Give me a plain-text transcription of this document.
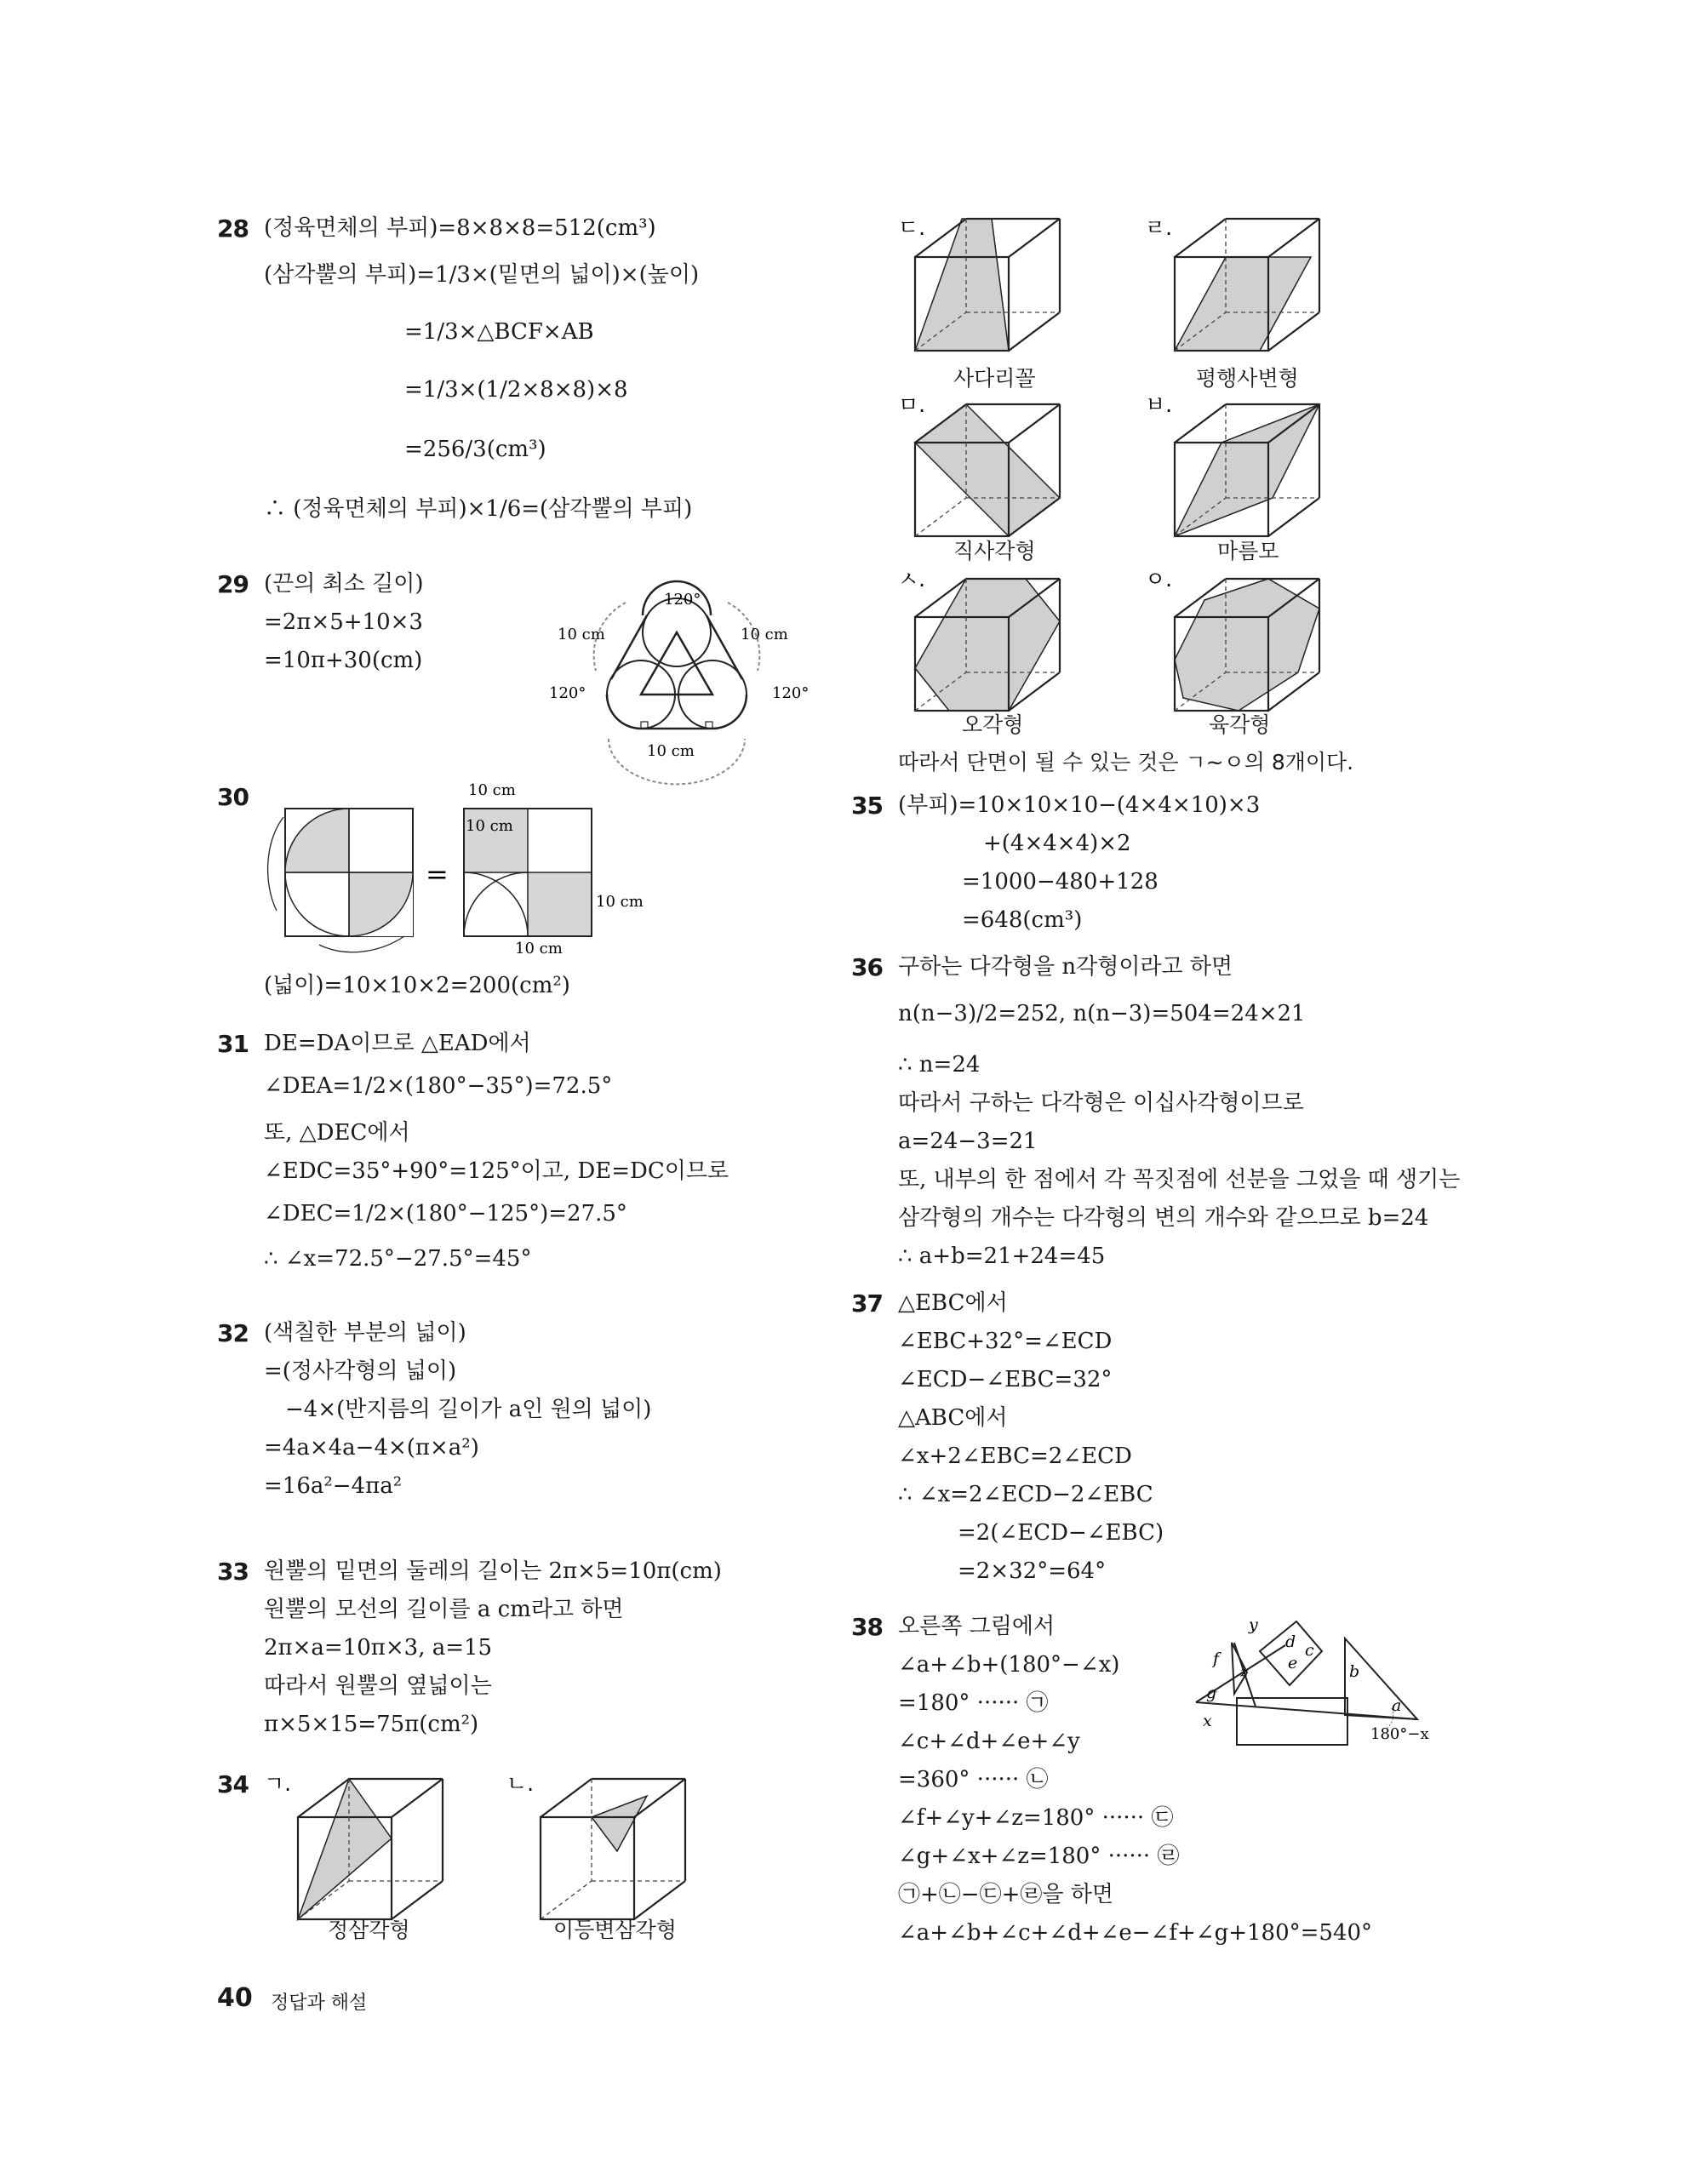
28 (정육면체의 부피)=8×8×8=512(cm³)
(삼각뿔의 부피)=1/3×(밑면의 넓이)×(높이)
=1/3×△BCF×AB
=1/3×(1/2×8×8)×8
=256/3(cm³)
∴ (정육면체의 부피)×1/6=(삼각뿔의 부피)
29 (끈의 최소 길이)
=2π×5+10×3
=10π+30(cm)
120°
120°	120°
10 cm	10 cm
10 cm
30
=
10 cm
10 cm
10 cm
10 cm
(넓이)=10×10×2=200(cm²)
31 DE=DA이므로 △EAD에서
∠DEA=1/2×(180°−35°)=72.5°
또, △DEC에서
∠EDC=35°+90°=125°이고, DE=DC이므로
∠DEC=1/2×(180°−125°)=27.5°
∴ ∠x=72.5°−27.5°=45°
32 (색칠한 부분의 넓이)
=(정사각형의 넓이)
−4×(반지름의 길이가 a인 원의 넓이)
=4a×4a−4×(π×a²)
=16a²−4πa²
33 원뿔의 밑면의 둘레의 길이는 2π×5=10π(cm)
원뿔의 모선의 길이를 a cm라고 하면
2π×a=10π×3, a=15
따라서 원뿔의 옆넓이는
π×5×15=75π(cm²)
34 ㄱ.
정삼각형
ㄴ.
이등변삼각형
ㄷ.
사다리꼴
ㄹ.
평행사변형
ㅁ.
직사각형
ㅂ.
마름모
ㅅ.
오각형
ㅇ.
육각형
따라서 단면이 될 수 있는 것은 ㄱ~ㅇ의 8개이다.
35 (부피)=10×10×10−(4×4×10)×3
+(4×4×4)×2
=1000−480+128
=648(cm³)
36 구하는 다각형을 n각형이라고 하면
n(n−3)/2=252, n(n−3)=504=24×21
∴ n=24
따라서 구하는 다각형은 이십사각형이므로
a=24−3=21
또, 내부의 한 점에서 각 꼭짓점에 선분을 그었을 때 생기는
삼각형의 개수는 다각형의 변의 개수와 같으므로 b=24
∴ a+b=21+24=45
37 △EBC에서
∠EBC+32°=∠ECD
∠ECD−∠EBC=32°
△ABC에서
∠x+2∠EBC=2∠ECD
∴ ∠x=2∠ECD−2∠EBC
=2(∠ECD−∠EBC)
=2×32°=64°
38 오른쪽 그림에서
∠a+∠b+(180°−∠x)
=180° ······ ㉠
∠c+∠d+∠e+∠y
=360° ······ ㉡
∠f+∠y+∠z=180° ······ ㉢
∠g+∠x+∠z=180° ······ ㉣
㉠+㉡−㉢+㉣을 하면
∠a+∠b+∠c+∠d+∠e−∠f+∠g+180°=540°
y
f
z
g
x
d c
e	b
a
180°−x
40 정답과 해설
